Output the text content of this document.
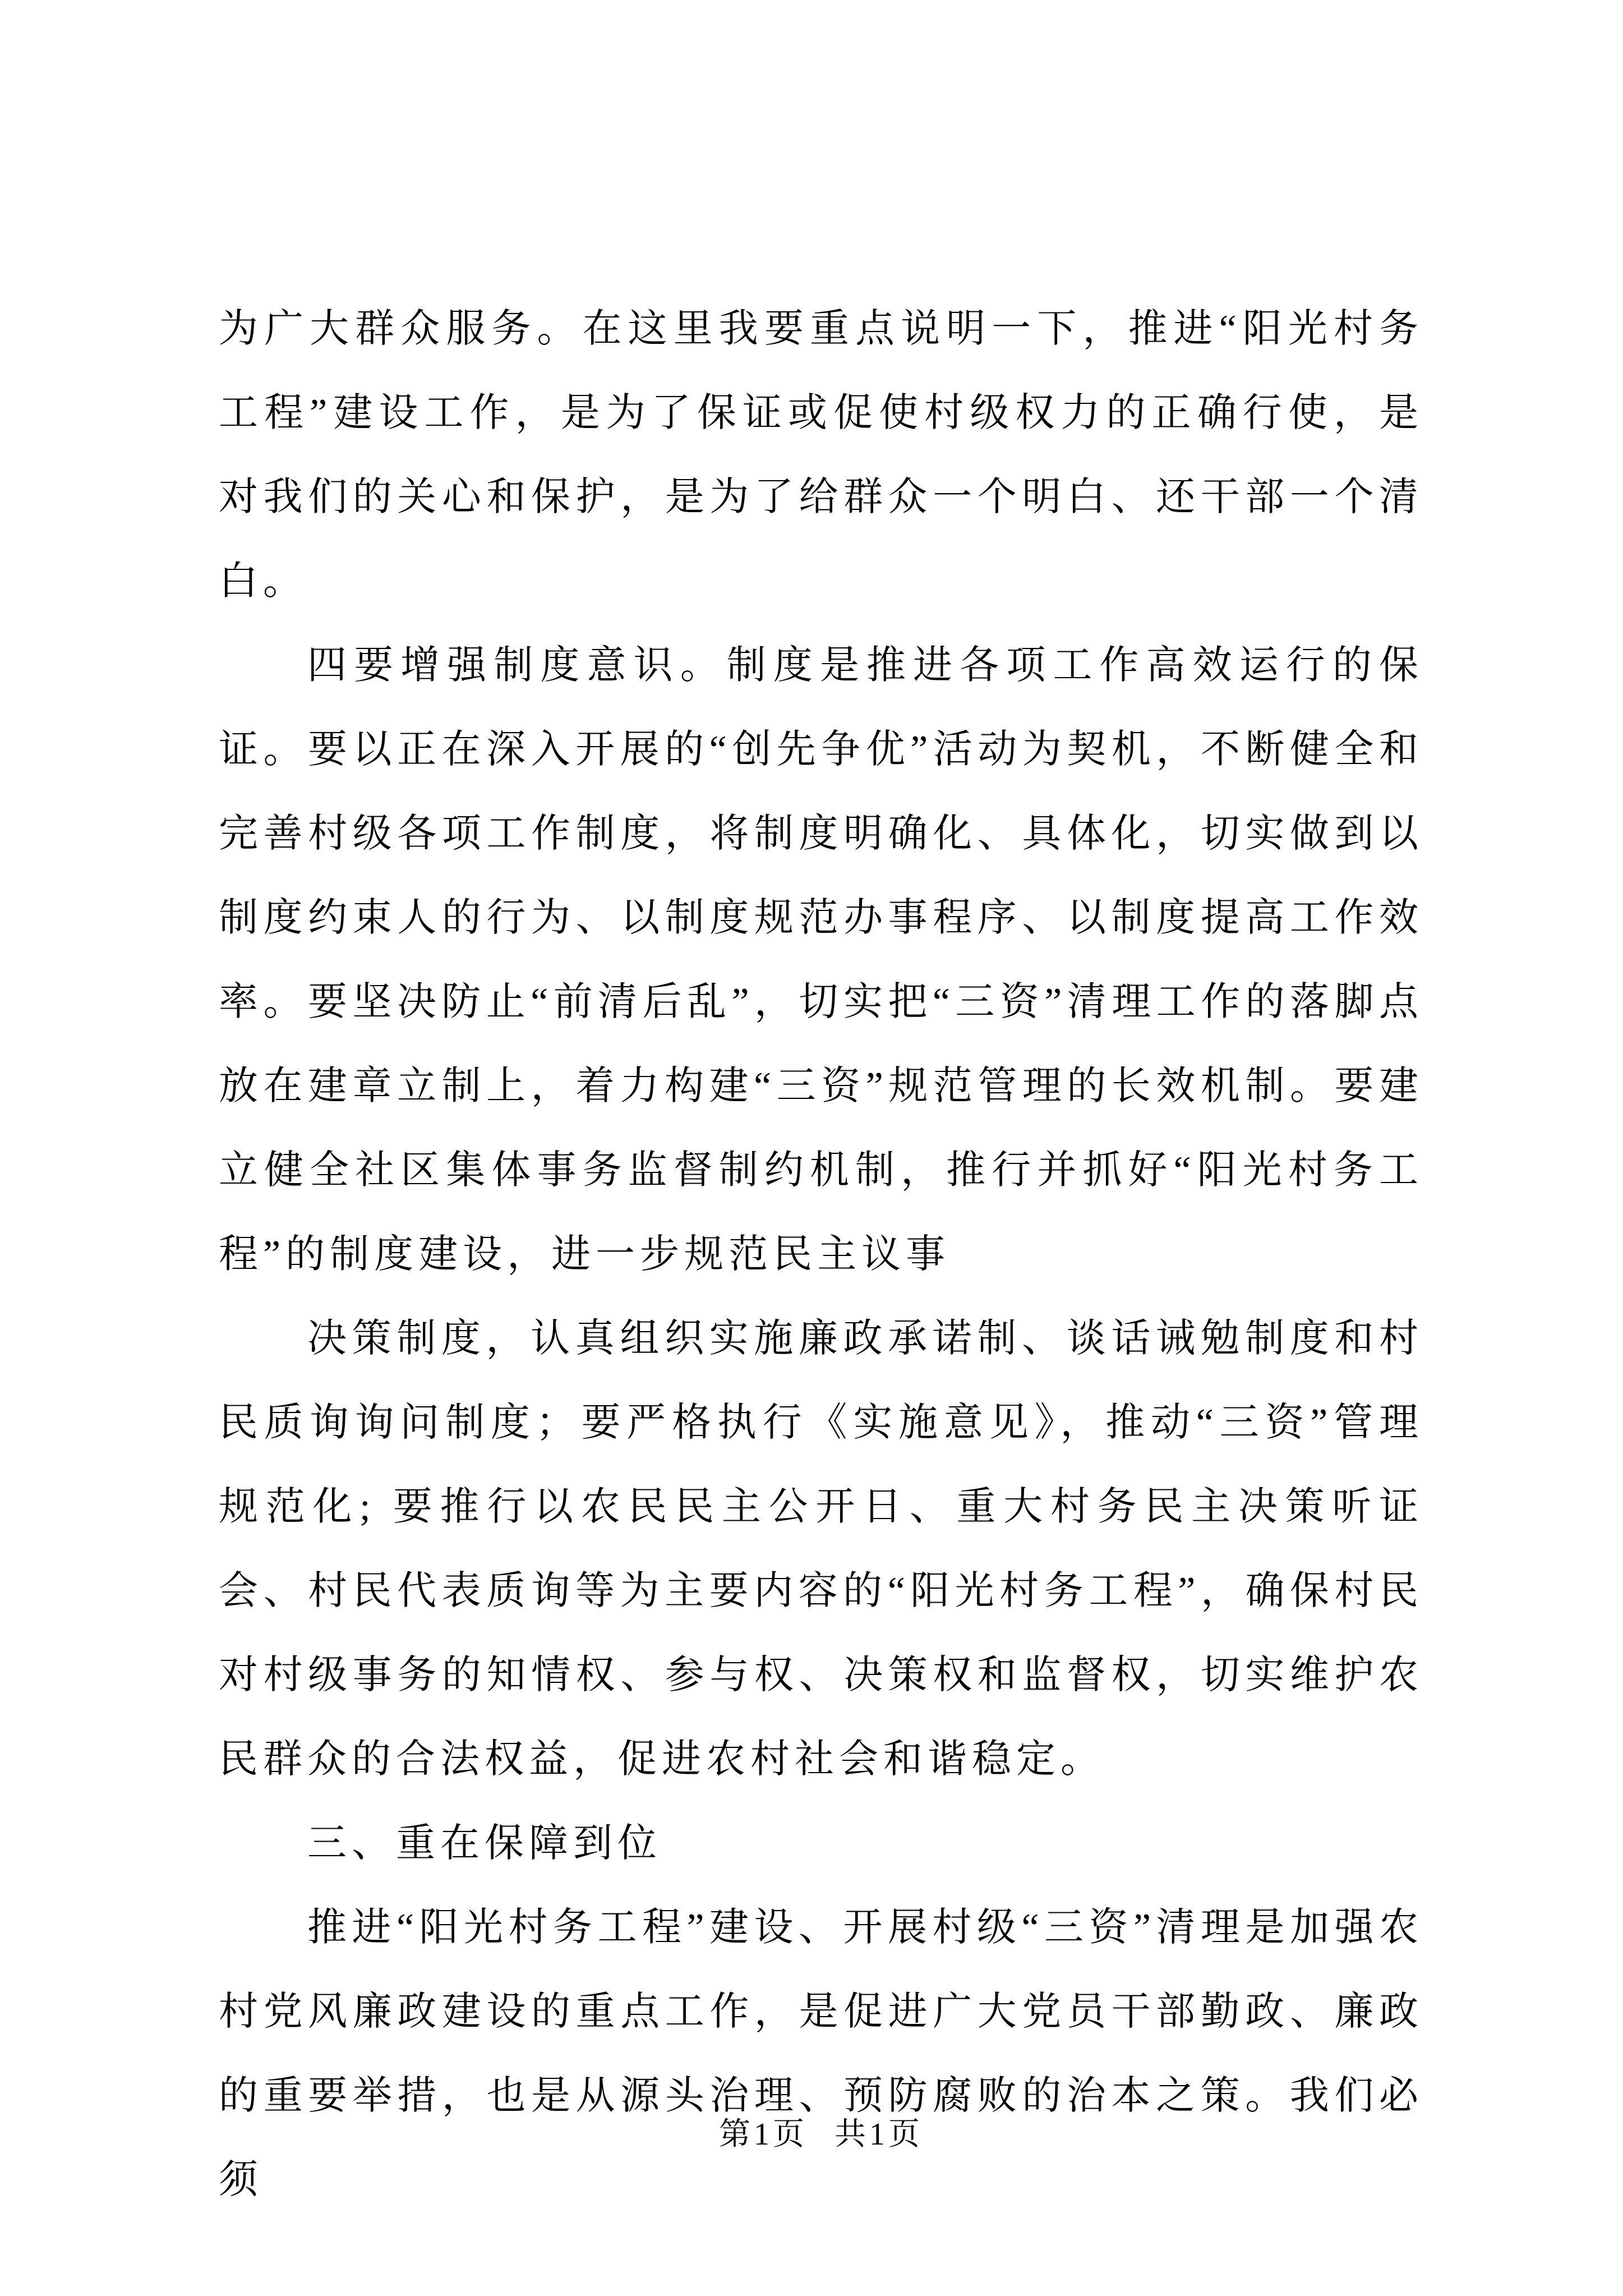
为广大群众服务。在这里我要重点说明一下，推进“阳光村务工程”建设工作，是为了保证或促使村级权力的正确行使，是对我们的关心和保护，是为了给群众一个明白、还干部一个清白。

四要增强制度意识。制度是推进各项工作高效运行的保证。要以正在深入开展的“创先争优”活动为契机，不断健全和完善村级各项工作制度，将制度明确化、具体化，切实做到以制度约束人的行为、以制度规范办事程序、以制度提高工作效率。要坚决防止“前清后乱”，切实把“三资”清理工作的落脚点放在建章立制上，着力构建“三资”规范管理的长效机制。要建立健全社区集体事务监督制约机制，推行并抓好“阳光村务工程”的制度建设，进一步规范民主议事

决策制度，认真组织实施廉政承诺制、谈话诫勉制度和村民质询询问制度；要严格执行《实施意见》，推动“三资”管理规范化; 要推行以农民民主公开日、重大村务民主决策听证会、村民代表质询等为主要内容的“阳光村务工程”，确保村民对村级事务的知情权、参与权、决策权和监督权，切实维护农民群众的合法权益，促进农村社会和谐稳定。

三、重在保障到位

推进“阳光村务工程”建设、开展村级“三资”清理是加强农村党风廉政建设的重点工作，是促进广大党员干部勤政、廉政的重要举措，也是从源头治理、预防腐败的治本之策。我们必须

第1页 共1页
